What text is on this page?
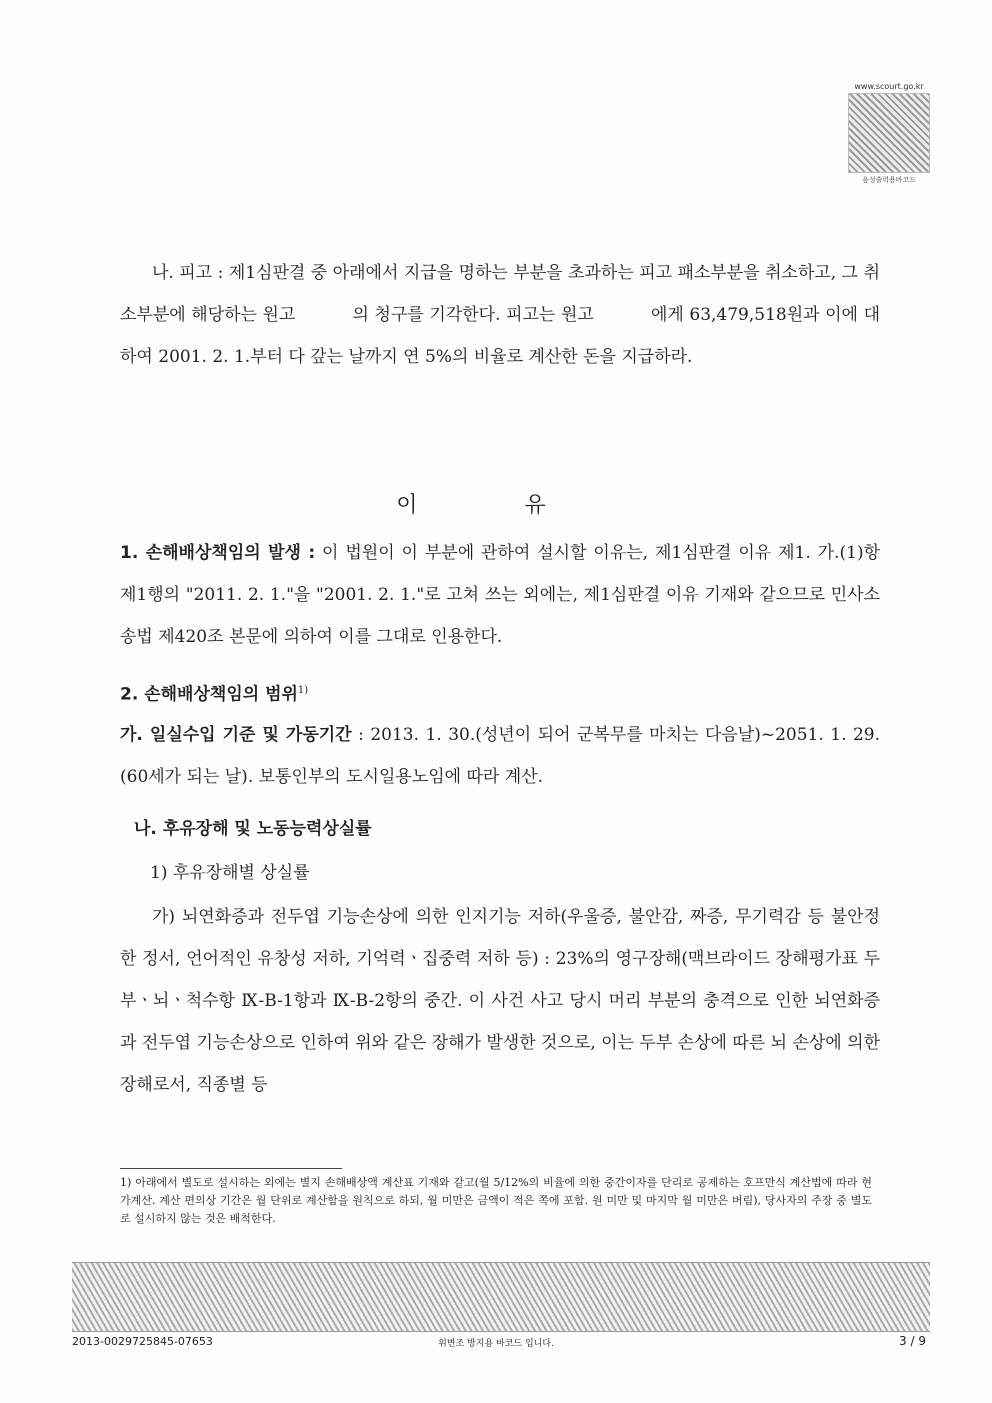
www.scourt.go.kr
음성출력용바코드

나. 피고 : 제1심판결 중 아래에서 지급을 명하는 부분을 초과하는 피고 패소부분을 취소하고, 그 취소부분에 해당하는 원고 　　　의 청구를 기각한다. 피고는 원고 　　　에게 63,479,518원과 이에 대하여 2001. 2. 1.부터 다 갚는 날까지 연 5%의 비율로 계산한 돈을 지급하라.

이 유

1. 손해배상책임의 발생 : 이 법원이 이 부분에 관하여 설시할 이유는, 제1심판결 이유 제1. 가.(1)항 제1행의 "2011. 2. 1."을 "2001. 2. 1."로 고쳐 쓰는 외에는, 제1심판결 이유 기재와 같으므로 민사소송법 제420조 본문에 의하여 이를 그대로 인용한다.

2. 손해배상책임의 범위$^{1)}$

가. 일실수입 기준 및 가동기간 : 2013. 1. 30.(성년이 되어 군복무를 마치는 다음날)~2051. 1. 29.(60세가 되는 날). 보통인부의 도시일용노임에 따라 계산.

나. 후유장해 및 노동능력상실률

1) 후유장해별 상실률

가) 뇌연화증과 전두엽 기능손상에 의한 인지기능 저하(우울증, 불안감, 짜증, 무기력감 등 불안정한 정서, 언어적인 유창성 저하, 기억력ㆍ집중력 저하 등) : 23%의 영구장해(맥브라이드 장해평가표 두부ㆍ뇌ㆍ척수항 Ⅸ-B-1항과 Ⅸ-B-2항의 중간. 이 사건 사고 당시 머리 부분의 충격으로 인한 뇌연화증과 전두엽 기능손상으로 인하여 위와 같은 장해가 발생한 것으로, 이는 두부 손상에 따른 뇌 손상에 의한 장해로서, 직종별 등

1) 아래에서 별도로 설시하는 외에는 별지 손해배상액 계산표 기재와 같고(월 5/12%의 비율에 의한 중간이자를 단리로 공제하는 호프만식 계산법에 따라 현가계산. 계산 편의상 기간은 월 단위로 계산함을 원칙으로 하되, 월 미만은 금액이 적은 쪽에 포함. 원 미만 및 마지막 월 미만은 버림), 당사자의 주장 중 별도로 설시하지 않는 것은 배척한다.

2013-0029725845-07653	위변조 방지용 바코드 입니다.	3 / 9
